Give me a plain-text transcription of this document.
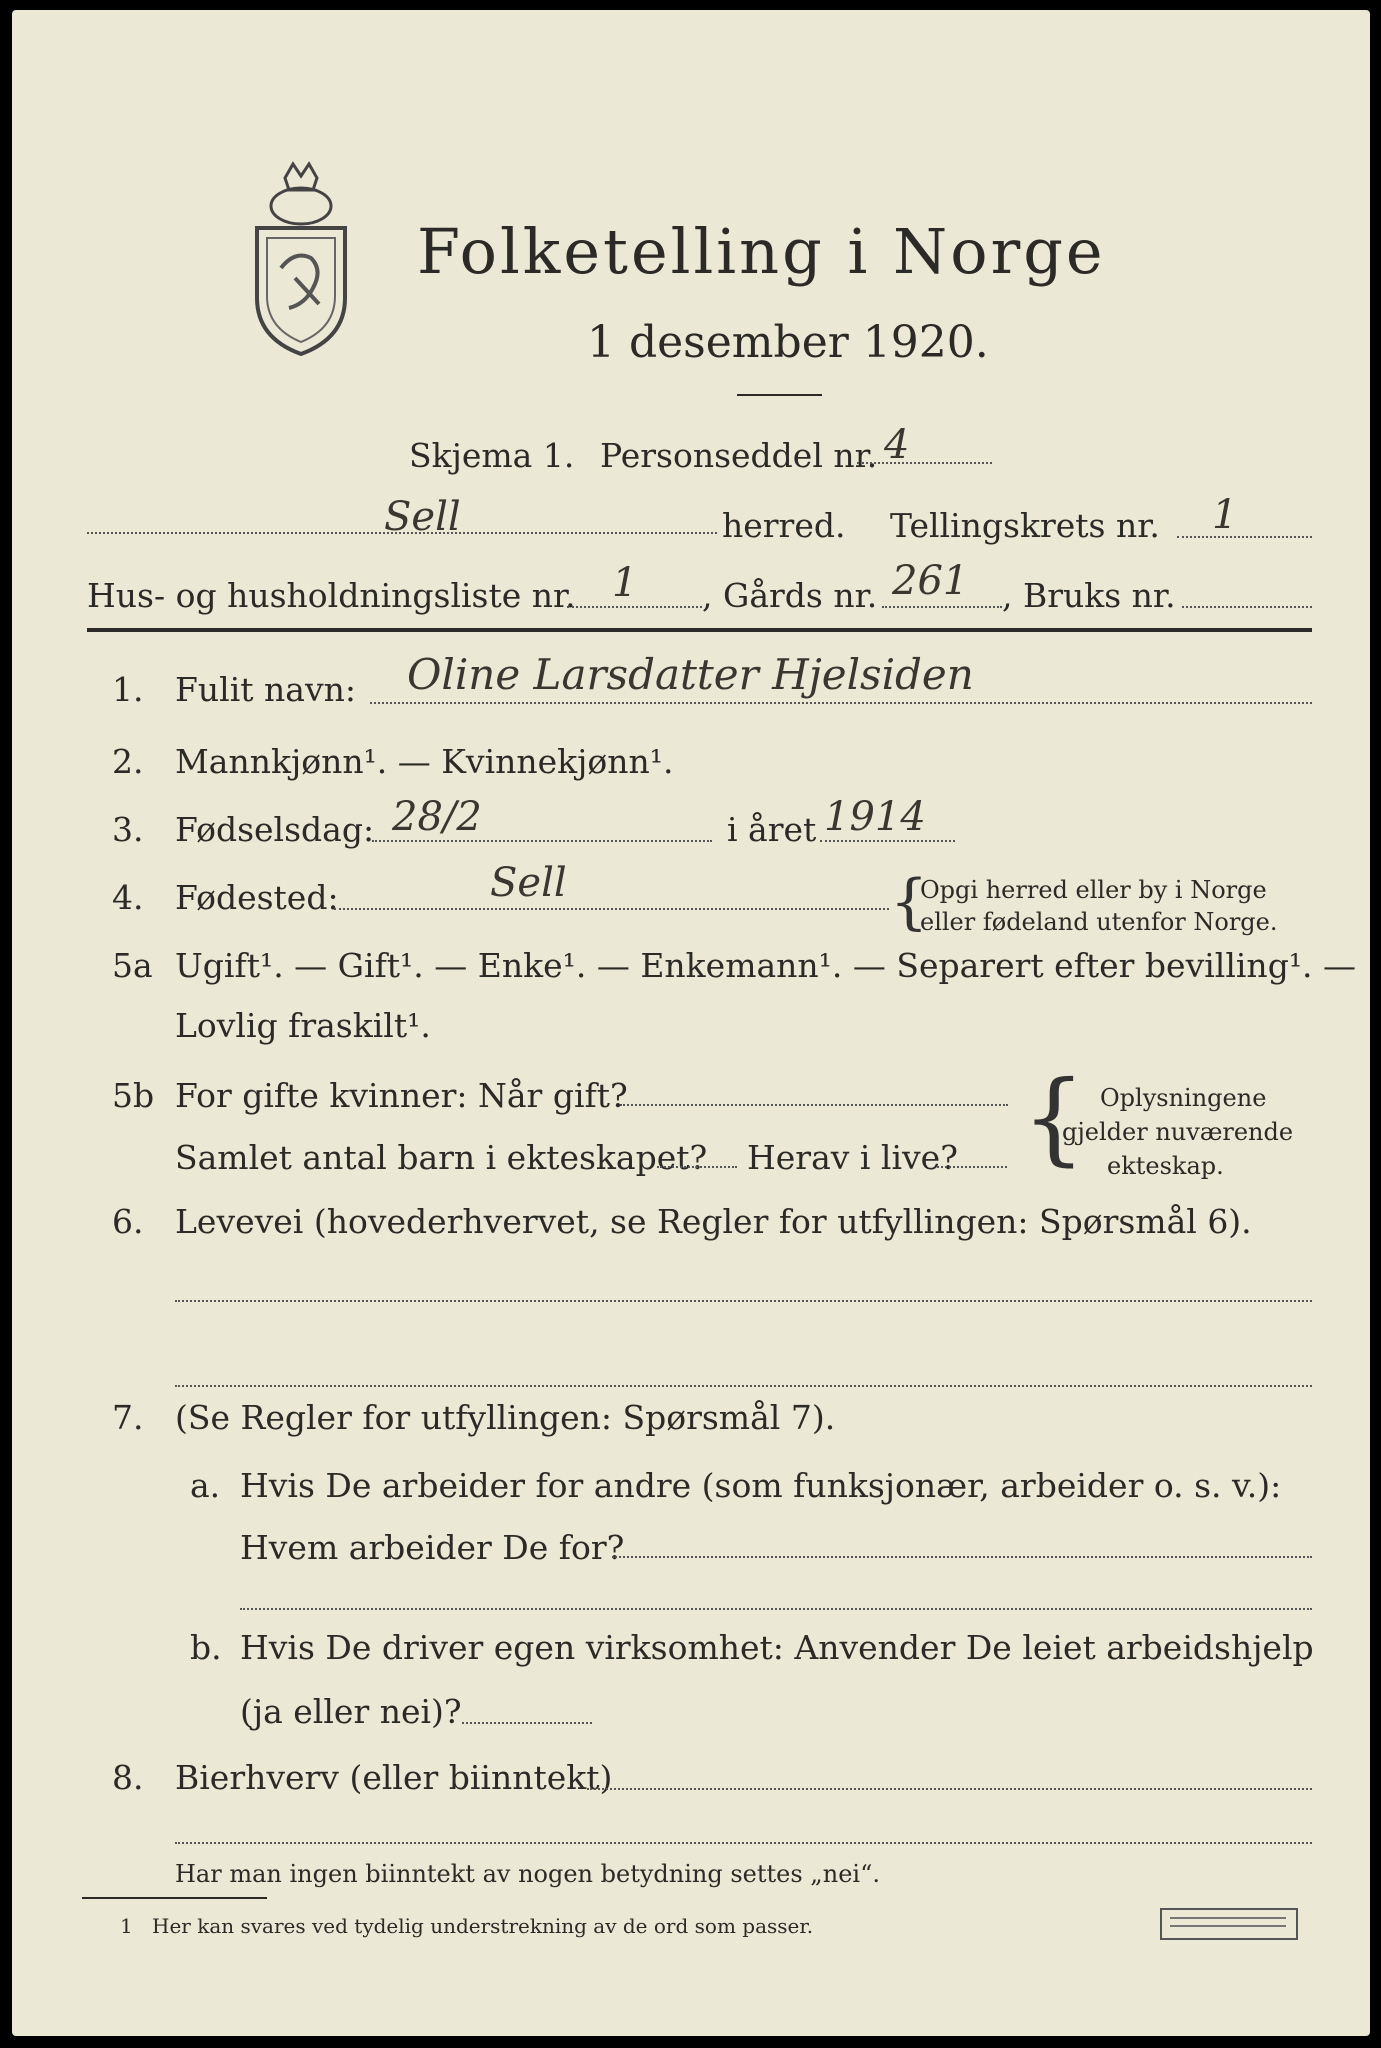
Folketelling i Norge
1 desember 1920.
Skjema 1. Personseddel nr. 4
Sell	herred. Tellingskrets nr. 1
Hus- og husholdningsliste nr. 1 , Gårds nr. 261 , Bruks nr.
1. Fulit navn: Oline Larsdatter Hjelsiden
2. Mannkjønn¹. — Kvinnekjønn¹.
3. Fødselsdag: 28/2	i året 1914
4. Fødested:	Sell	{
Opgi herred eller by i Norge
eller fødeland utenfor Norge.
5a Ugift¹. — Gift¹. — Enke¹. — Enkemann¹. — Separert efter bevilling¹. —
Lovlig fraskilt¹.
5b For gifte kvinner: Når gift?
Samlet antal barn i ekteskapet? Herav i live? { Oplysningene
gjelder nuværende
ekteskap.
6. Levevei (hovederhvervet, se Regler for utfyllingen: Spørsmål 6).
7. (Se Regler for utfyllingen: Spørsmål 7).
a. Hvis De arbeider for andre (som funksjonær, arbeider o. s. v.):
Hvem arbeider De for?
b. Hvis De driver egen virksomhet: Anvender De leiet arbeidshjelp
(ja eller nei)?
8. Bierhverv (eller biinntekt)
Har man ingen biinntekt av nogen betydning settes „nei“.
1 Her kan svares ved tydelig understrekning av de ord som passer.
